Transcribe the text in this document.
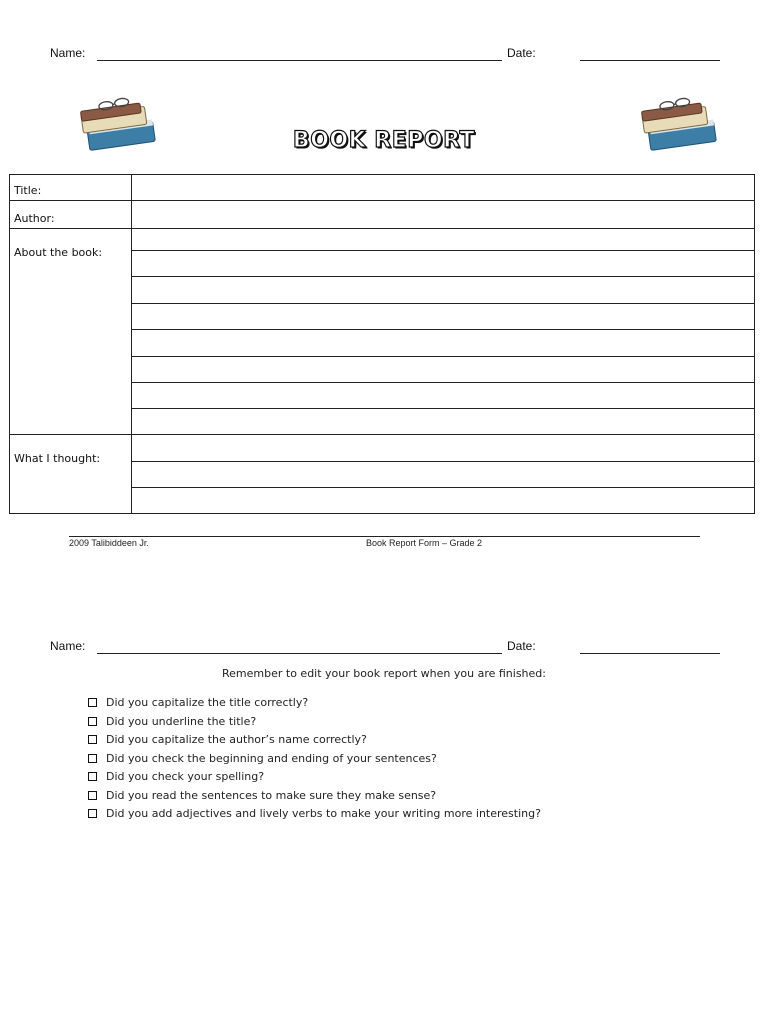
Name:	Date:
BOOK REPORT
Title:
Author:
About the book:
What I thought:
2009 Talibiddeen Jr.	Book Report Form – Grade 2
Name:	Date:
Remember to edit your book report when you are finished:
Did you capitalize the title correctly?
Did you underline the title?
Did you capitalize the author’s name correctly?
Did you check the beginning and ending of your sentences?
Did you check your spelling?
Did you read the sentences to make sure they make sense?
Did you add adjectives and lively verbs to make your writing more interesting?
